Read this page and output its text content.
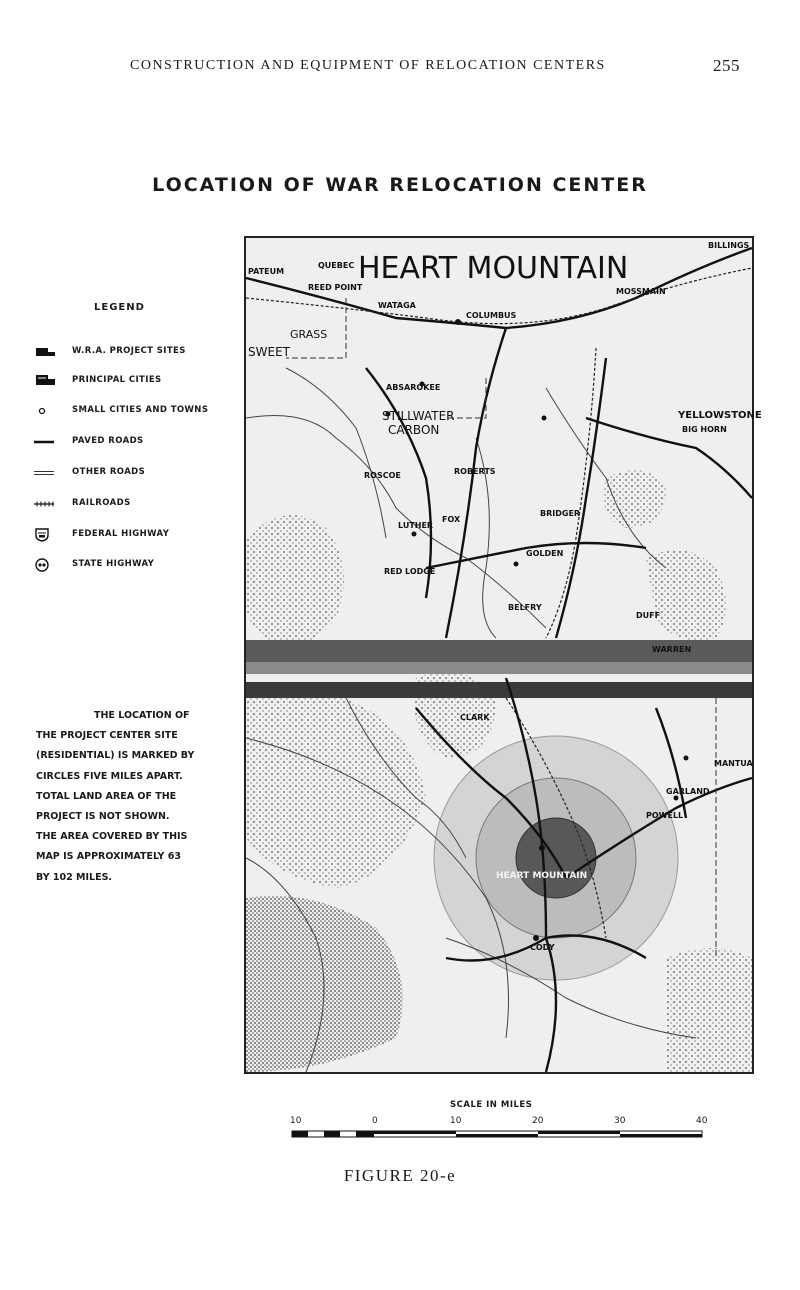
CONSTRUCTION AND EQUIPMENT OF RELOCATION CENTERS	255
LOCATION OF WAR RELOCATION CENTER
LEGEND
W.R.A. PROJECT SITES
PRINCIPAL CITIES
SMALL CITIES AND TOWNS
PAVED ROADS
OTHER ROADS
RAILROADS
FEDERAL HIGHWAY
STATE HIGHWAY
THE LOCATION OF
THE PROJECT CENTER SITE
(RESIDENTIAL) IS MARKED BY
CIRCLES FIVE MILES APART.
TOTAL LAND AREA OF THE
PROJECT IS NOT SHOWN.
THE AREA COVERED BY THIS
MAP IS APPROXIMATELY 63
BY 102 MILES.
HEART MOUNTAIN
BILLINGS
PATEUM
QUEBEC
REED POINT
GRASS
SWEET
WATAGA
COLUMBUS
ABSAROKEE
STILLWATER
CARBON
MOSSMAIN
YELLOWSTONE
BIG HORN
ROSCOE	ROBERTS
LUTHER
FOX
BRIDGER
RED LODGE
GOLDEN
BELFRY
WARREN
DUFF
CLARK
MANTUA
GARLAND
POWELL
HEART MOUNTAIN
CODY
SCALE IN MILES
10	0	10	20	30	40
FIGURE 20-e
